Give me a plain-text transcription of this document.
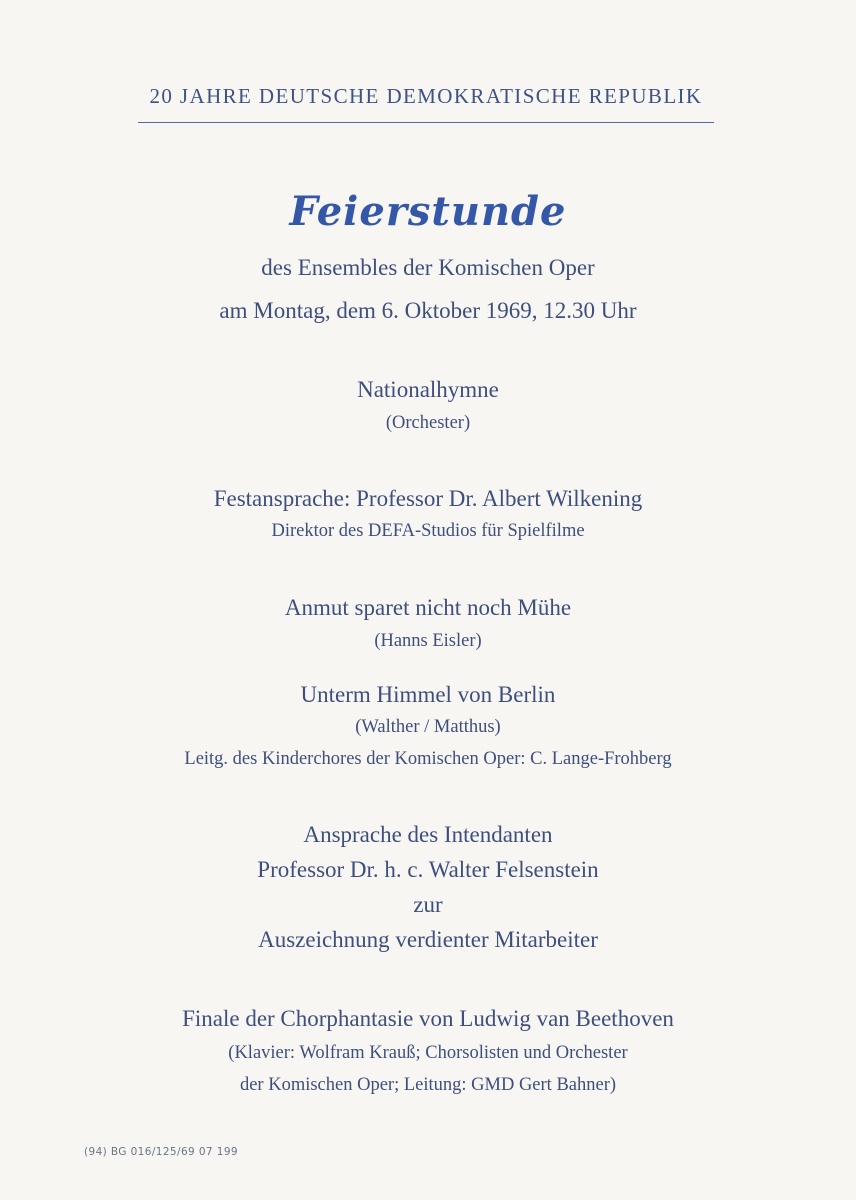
20 JAHRE DEUTSCHE DEMOKRATISCHE REPUBLIK
Feierstunde
des Ensembles der Komischen Oper
am Montag, dem 6. Oktober 1969, 12.30 Uhr
Nationalhymne
(Orchester)
Festansprache: Professor Dr. Albert Wilkening
Direktor des DEFA-Studios für Spielfilme
Anmut sparet nicht noch Mühe
(Hanns Eisler)
Unterm Himmel von Berlin
(Walther / Matthus)
Leitg. des Kinderchores der Komischen Oper: C. Lange-Frohberg
Ansprache des Intendanten
Professor Dr. h. c. Walter Felsenstein
zur
Auszeichnung verdienter Mitarbeiter
Finale der Chorphantasie von Ludwig van Beethoven
(Klavier: Wolfram Krauß; Chorsolisten und Orchester
der Komischen Oper; Leitung: GMD Gert Bahner)
(94) BG 016/125/69 07 199
